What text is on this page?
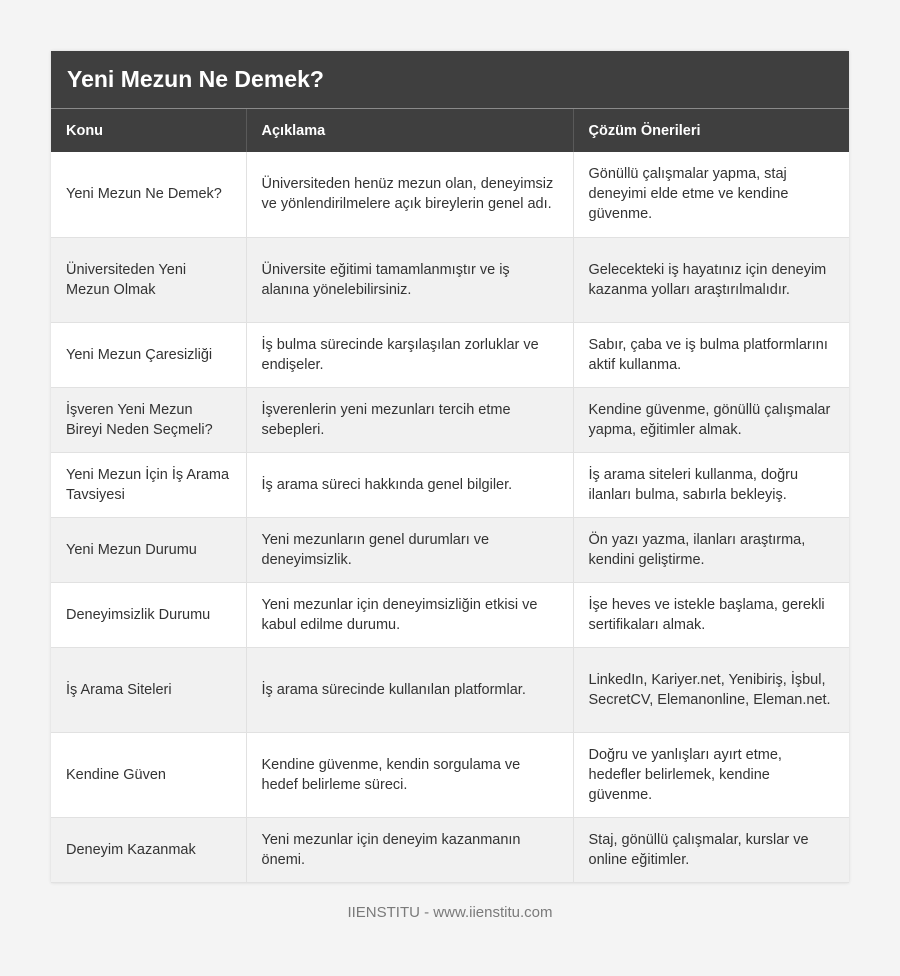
Yeni Mezun Ne Demek?
Konu	Açıklama	Çözüm Önerileri
Yeni Mezun Ne Demek?	Üniversiteden henüz mezun olan, deneyimsiz ve yönlendirilmelere açık bireylerin genel adı.	Gönüllü çalışmalar yapma, staj deneyimi elde etme ve kendine güvenme.
Üniversiteden Yeni Mezun Olmak	Üniversite eğitimi tamamlanmıştır ve iş alanına yönelebilirsiniz.	Gelecekteki iş hayatınız için deneyim kazanma yolları araştırılmalıdır.
Yeni Mezun Çaresizliği	İş bulma sürecinde karşılaşılan zorluklar ve endişeler.	Sabır, çaba ve iş bulma platformlarını aktif kullanma.
İşveren Yeni Mezun Bireyi Neden Seçmeli?	İşverenlerin yeni mezunları tercih etme sebepleri.	Kendine güvenme, gönüllü çalışmalar yapma, eğitimler almak.
Yeni Mezun İçin İş Arama Tavsiyesi	İş arama süreci hakkında genel bilgiler.	İş arama siteleri kullanma, doğru ilanları bulma, sabırla bekleyiş.
Yeni Mezun Durumu	Yeni mezunların genel durumları ve deneyimsizlik.	Ön yazı yazma, ilanları araştırma, kendini geliştirme.
Deneyimsizlik Durumu	Yeni mezunlar için deneyimsizliğin etkisi ve kabul edilme durumu.	İşe heves ve istekle başlama, gerekli sertifikaları almak.
İş Arama Siteleri	İş arama sürecinde kullanılan platformlar.	LinkedIn, Kariyer.net, Yenibiriş, İşbul, SecretCV, Elemanonline, Eleman.net.
Kendine Güven	Kendine güvenme, kendin sorgulama ve hedef belirleme süreci.	Doğru ve yanlışları ayırt etme, hedefler belirlemek, kendine güvenme.
Deneyim Kazanmak	Yeni mezunlar için deneyim kazanmanın önemi.	Staj, gönüllü çalışmalar, kurslar ve online eğitimler.
IIENSTITU - www.iienstitu.com
